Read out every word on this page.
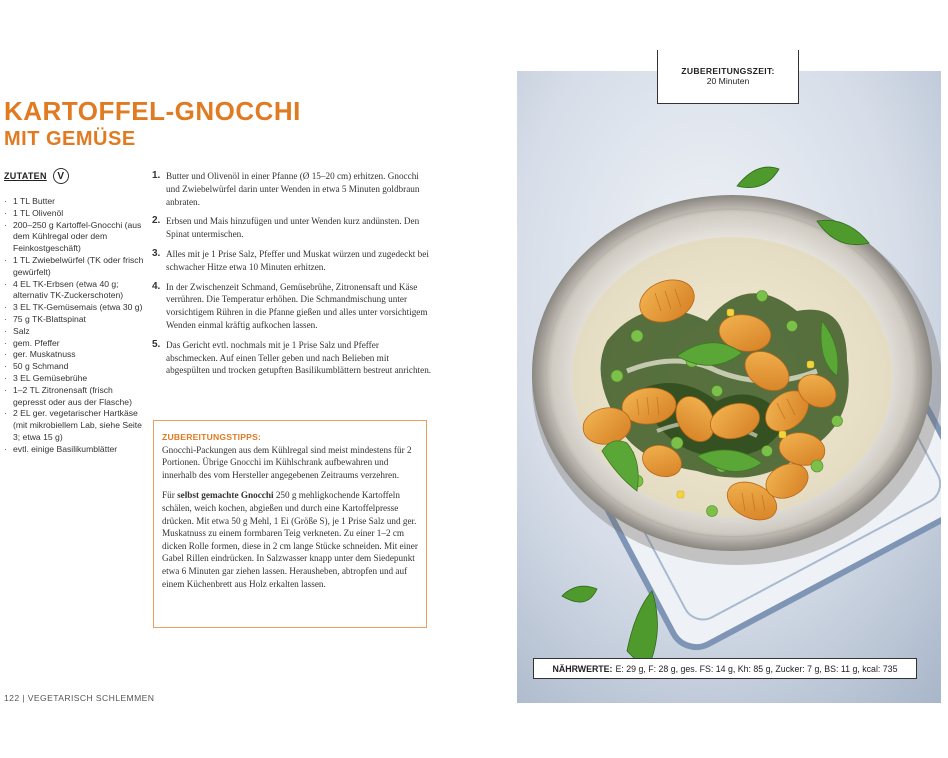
KARTOFFEL-GNOCCHI
MIT GEMÜSE
ZUTATEN	V
· 1 TL Butter
· 1 TL Olivenöl
· 200–250 g Kartoffel-Gnocchi (aus dem Kühlregal oder dem Feinkostgeschäft)
· 1 TL Zwiebelwürfel (TK oder frisch gewürfelt)
· 4 EL TK-Erbsen (etwa 40 g; alternativ TK-Zuckerschoten)
· 3 EL TK-Gemüsemais (etwa 30 g)
· 75 g TK-Blattspinat
· Salz
· gem. Pfeffer
· ger. Muskatnuss
· 50 g Schmand
· 3 EL Gemüsebrühe
· 1–2 TL Zitronensaft (frisch gepresst oder aus der Flasche)
· 2 EL ger. vegetarischer Hartkäse (mit mikrobiellem Lab, siehe Seite 3; etwa 15 g)
· evtl. einige Basilikumblätter
1. Butter und Olivenöl in einer Pfanne (Ø 15–20 cm) erhitzen. Gnocchi und Zwiebelwürfel darin unter Wenden in etwa 5 Minuten goldbraun anbraten.
2. Erbsen und Mais hinzufügen und unter Wenden kurz andünsten. Den Spinat untermischen.
3. Alles mit je 1 Prise Salz, Pfeffer und Muskat würzen und zugedeckt bei schwacher Hitze etwa 10 Minuten erhitzen.
4. In der Zwischenzeit Schmand, Gemüsebrühe, Zitronensaft und Käse verrühren. Die Temperatur erhöhen. Die Schmandmischung unter vorsichtigem Rühren in die Pfanne gießen und alles unter vorsichtigem Wenden einmal kräftig aufkochen lassen.
5. Das Gericht evtl. nochmals mit je 1 Prise Salz und Pfeffer abschmecken. Auf einen Teller geben und nach Belieben mit abgespülten und trocken getupften Basilikumblättern bestreut anrichten.
ZUBEREITUNGSTIPPS:
Gnocchi-Packungen aus dem Kühlregal sind meist mindestens für 2 Portionen. Übrige Gnocchi im Kühlschrank aufbewahren und innerhalb des vom Hersteller angegebenen Zeitraums verzehren.
Für selbst gemachte Gnocchi 250 g mehligkochende Kartoffeln schälen, weich kochen, abgießen und durch eine Kartoffelpresse drücken. Mit etwa 50 g Mehl, 1 Ei (Größe S), je 1 Prise Salz und ger. Muskatnuss zu einem formbaren Teig verkneten. Zu einer 1–2 cm dicken Rolle formen, diese in 2 cm lange Stücke schneiden. Mit einer Gabel Rillen eindrücken. In Salzwasser knapp unter dem Siedepunkt etwa 6 Minuten gar ziehen lassen. Herausheben, abtropfen und auf einem Küchenbrett aus Holz erkalten lassen.
122 | VEGETARISCH SCHLEMMEN
ZUBEREITUNGSZEIT:
20 Minuten
NÄHRWERTE: E: 29 g, F: 28 g, ges. FS: 14 g, Kh: 85 g, Zucker: 7 g, BS: 11 g, kcal: 735
